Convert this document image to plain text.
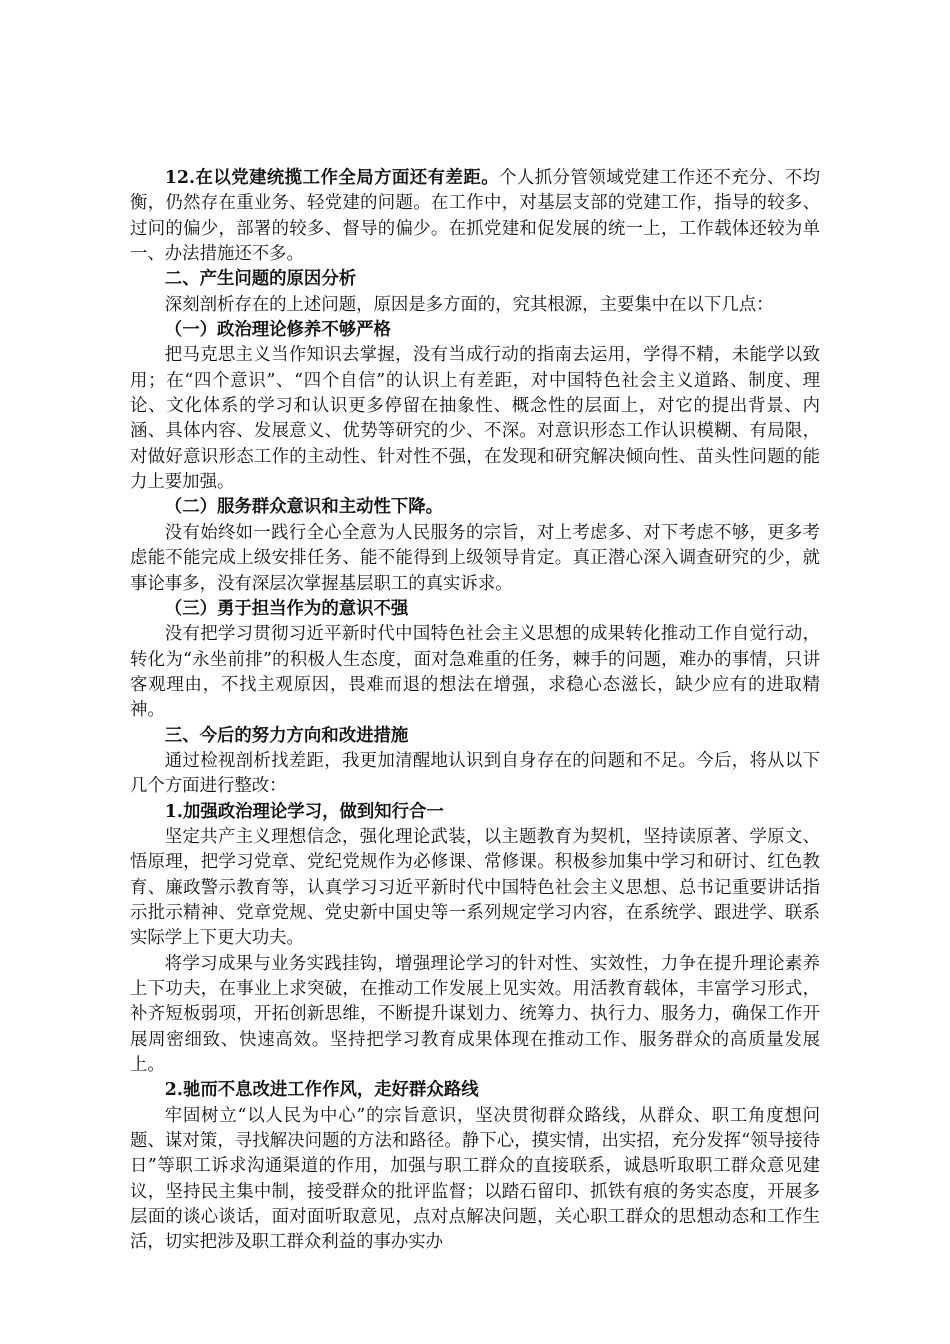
12.在以党建统揽工作全局方面还有差距。个人抓分管领域党建工作还不充分、不均衡，仍然存在重业务、轻党建的问题。在工作中，对基层支部的党建工作，指导的较多、过问的偏少，部署的较多、督导的偏少。在抓党建和促发展的统一上，工作载体还较为单一、办法措施还不多。

二、产生问题的原因分析

深刻剖析存在的上述问题，原因是多方面的，究其根源，主要集中在以下几点：

（一）政治理论修养不够严格

把马克思主义当作知识去掌握，没有当成行动的指南去运用，学得不精，未能学以致用；在“四个意识”、“四个自信”的认识上有差距，对中国特色社会主义道路、制度、理论、文化体系的学习和认识更多停留在抽象性、概念性的层面上，对它的提出背景、内涵、具体内容、发展意义、优势等研究的少、不深。对意识形态工作认识模糊、有局限，对做好意识形态工作的主动性、针对性不强，在发现和研究解决倾向性、苗头性问题的能力上要加强。

（二）服务群众意识和主动性下降。

没有始终如一践行全心全意为人民服务的宗旨，对上考虑多、对下考虑不够，更多考虑能不能完成上级安排任务、能不能得到上级领导肯定。真正潜心深入调查研究的少，就事论事多，没有深层次掌握基层职工的真实诉求。

（三）勇于担当作为的意识不强

没有把学习贯彻习近平新时代中国特色社会主义思想的成果转化推动工作自觉行动，转化为“永坐前排”的积极人生态度，面对急难重的任务，棘手的问题，难办的事情，只讲客观理由，不找主观原因，畏难而退的想法在增强，求稳心态滋长，缺少应有的进取精神。

三、今后的努力方向和改进措施

通过检视剖析找差距，我更加清醒地认识到自身存在的问题和不足。今后，将从以下几个方面进行整改：

1.加强政治理论学习，做到知行合一

坚定共产主义理想信念，强化理论武装，以主题教育为契机，坚持读原著、学原文、悟原理，把学习党章、党纪党规作为必修课、常修课。积极参加集中学习和研讨、红色教育、廉政警示教育等，认真学习习近平新时代中国特色社会主义思想、总书记重要讲话指示批示精神、党章党规、党史新中国史等一系列规定学习内容，在系统学、跟进学、联系实际学上下更大功夫。

将学习成果与业务实践挂钩，增强理论学习的针对性、实效性，力争在提升理论素养上下功夫，在事业上求突破，在推动工作发展上见实效。用活教育载体，丰富学习形式，补齐短板弱项，开拓创新思维，不断提升谋划力、统筹力、执行力、服务力，确保工作开展周密细致、快速高效。坚持把学习教育成果体现在推动工作、服务群众的高质量发展上。

2.驰而不息改进工作作风，走好群众路线

牢固树立“以人民为中心”的宗旨意识，坚决贯彻群众路线，从群众、职工角度想问题、谋对策，寻找解决问题的方法和路径。静下心，摸实情，出实招，充分发挥“领导接待日”等职工诉求沟通渠道的作用，加强与职工群众的直接联系，诚恳听取职工群众意见建议，坚持民主集中制，接受群众的批评监督；以踏石留印、抓铁有痕的务实态度，开展多层面的谈心谈话，面对面听取意见，点对点解决问题，关心职工群众的思想动态和工作生活，切实把涉及职工群众利益的事办实办
